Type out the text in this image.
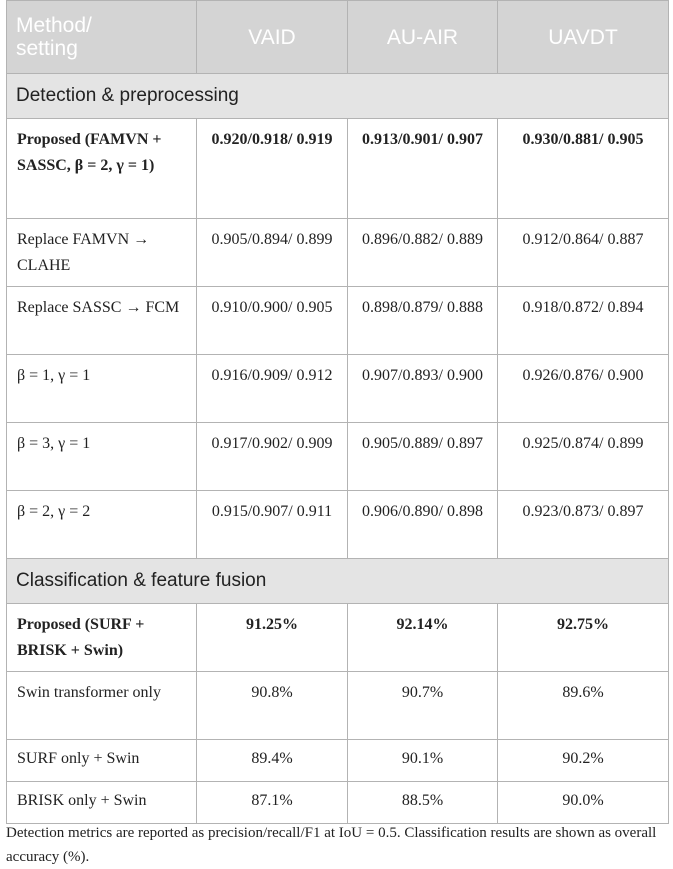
Method/
setting	VAID	AU-AIR	UAVDT
Detection & preprocessing			
Proposed (FAMVN + SASSC, β = 2, γ = 1)	0.920/0.918/ 0.919	0.913/0.901/ 0.907	0.930/0.881/ 0.905
Replace FAMVN → CLAHE	0.905/0.894/ 0.899	0.896/0.882/ 0.889	0.912/0.864/ 0.887
Replace SASSC → FCM	0.910/0.900/ 0.905	0.898/0.879/ 0.888	0.918/0.872/ 0.894
β = 1, γ = 1	0.916/0.909/ 0.912	0.907/0.893/ 0.900	0.926/0.876/ 0.900
β = 3, γ = 1	0.917/0.902/ 0.909	0.905/0.889/ 0.897	0.925/0.874/ 0.899
β = 2, γ = 2	0.915/0.907/ 0.911	0.906/0.890/ 0.898	0.923/0.873/ 0.897
Classification & feature fusion			
Proposed (SURF + BRISK + Swin)	91.25%	92.14%	92.75%
Swin transformer only	90.8%	90.7%	89.6%
SURF only + Swin	89.4%	90.1%	90.2%
BRISK only + Swin	87.1%	88.5%	90.0%
Detection metrics are reported as precision/recall/F1 at IoU = 0.5. Classification results are shown as overall accuracy (%).
